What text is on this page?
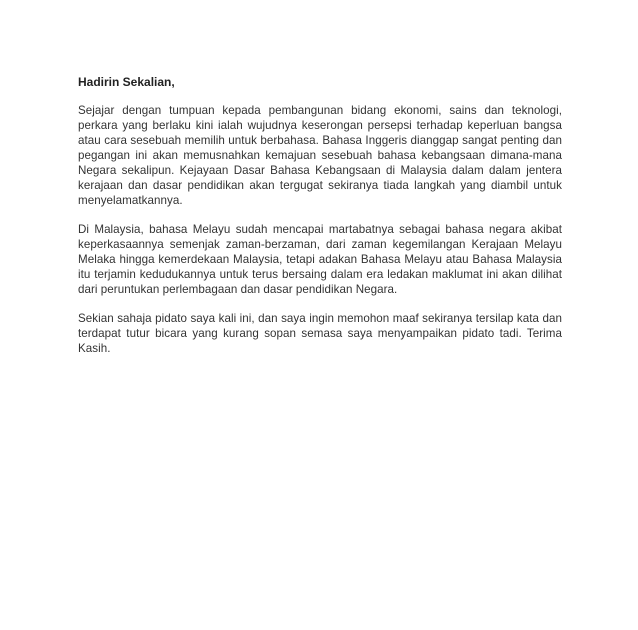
Hadirin Sekalian,

Sejajar dengan tumpuan kepada pembangunan bidang ekonomi, sains dan teknologi, perkara yang berlaku kini ialah wujudnya keserongan persepsi terhadap keperluan bangsa atau cara sesebuah memilih untuk berbahasa. Bahasa Inggeris dianggap sangat penting dan pegangan ini akan memusnahkan kemajuan sesebuah bahasa kebangsaan dimana-mana Negara sekalipun. Kejayaan Dasar Bahasa Kebangsaan di Malaysia dalam dalam jentera kerajaan dan dasar pendidikan akan tergugat sekiranya tiada langkah yang diambil untuk menyelamatkannya.

Di Malaysia, bahasa Melayu sudah mencapai martabatnya sebagai bahasa negara akibat keperkasaannya semenjak zaman-berzaman, dari zaman kegemilangan Kerajaan Melayu Melaka hingga kemerdekaan Malaysia, tetapi adakan Bahasa Melayu atau Bahasa Malaysia itu terjamin kedudukannya untuk terus bersaing dalam era ledakan maklumat ini akan dilihat dari peruntukan perlembagaan dan dasar pendidikan Negara.

Sekian sahaja pidato saya kali ini, dan saya ingin memohon maaf sekiranya tersilap kata dan terdapat tutur bicara yang kurang sopan semasa saya menyampaikan pidato tadi. Terima Kasih.
